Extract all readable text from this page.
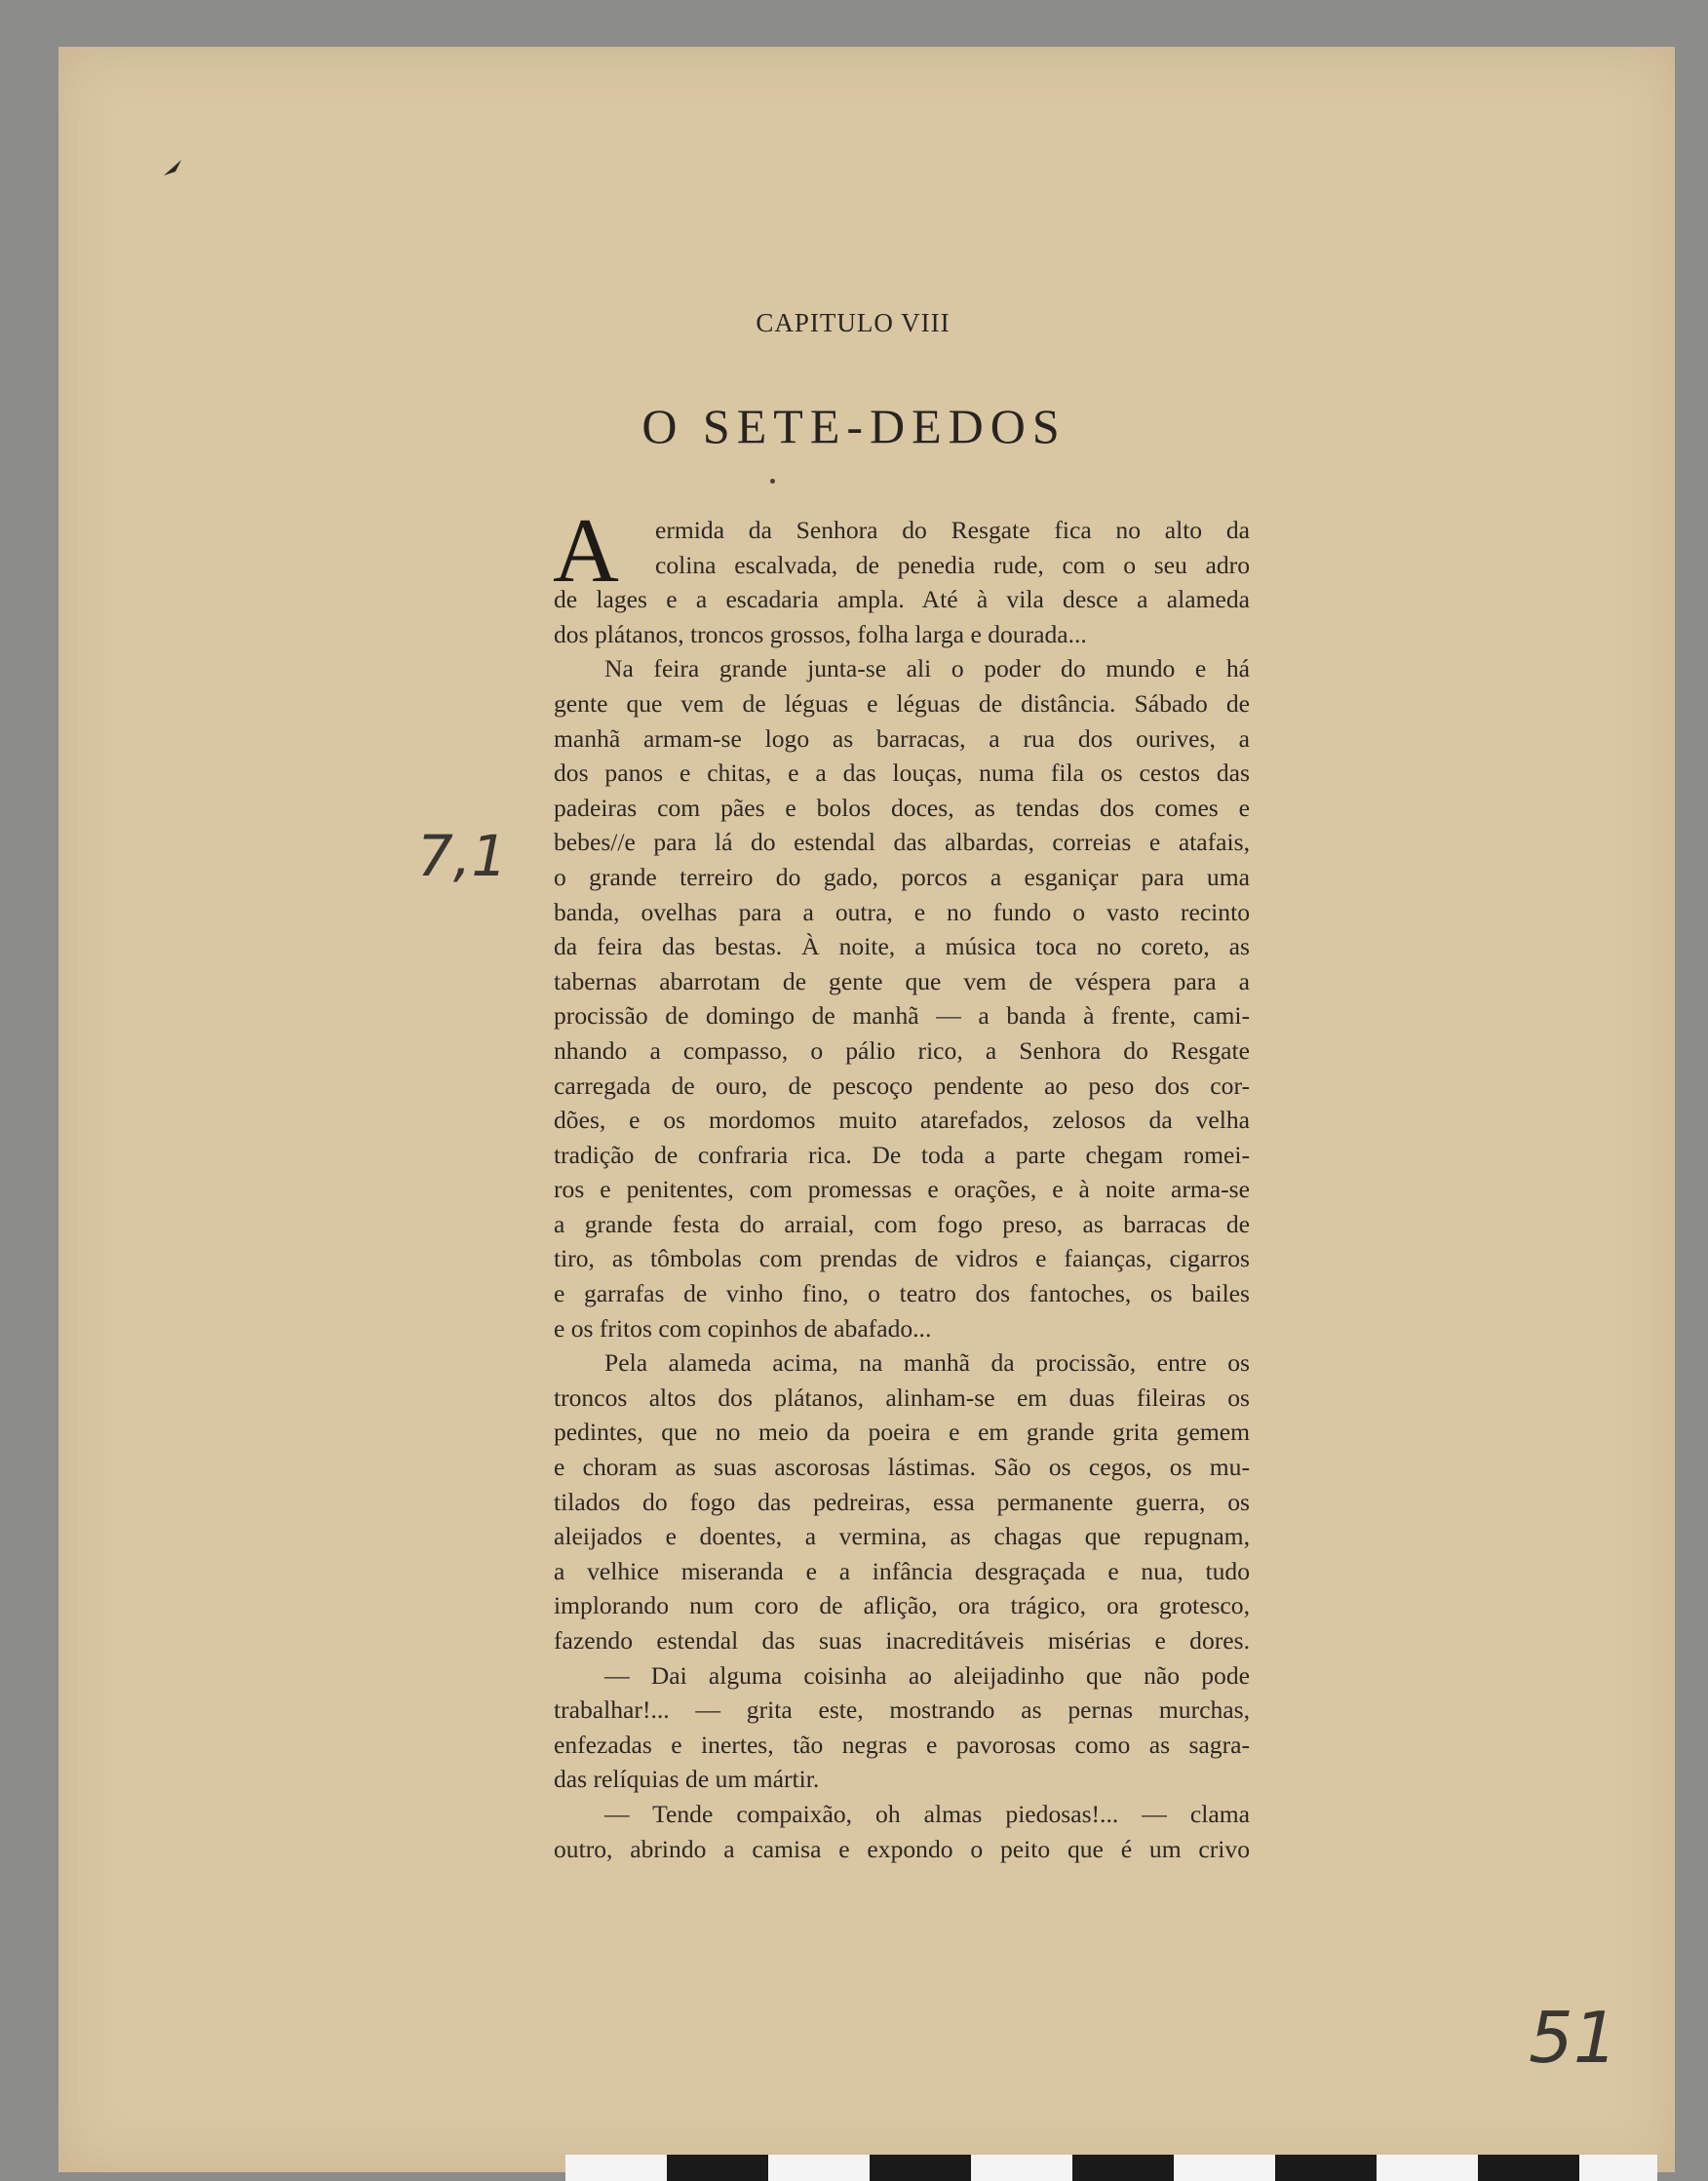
CAPITULO VIII
O SETE-DEDOS
A ermida da Senhora do Resgate fica no alto da
colina escalvada, de penedia rude, com o seu adro
de lages e a escadaria ampla. Até à vila desce a alameda
dos plátanos, troncos grossos, folha larga e dourada...
Na feira grande junta-se ali o poder do mundo e há
gente que vem de léguas e léguas de distância. Sábado de
manhã armam-se logo as barracas, a rua dos ourives, a
dos panos e chitas, e a das louças, numa fila os cestos das
padeiras com pães e bolos doces, as tendas dos comes e
bebes//e para lá do estendal das albardas, correias e atafais,
o grande terreiro do gado, porcos a esganiçar para uma
banda, ovelhas para a outra, e no fundo o vasto recinto
da feira das bestas. À noite, a música toca no coreto, as
tabernas abarrotam de gente que vem de véspera para a
procissão de domingo de manhã — a banda à frente, cami-
nhando a compasso, o pálio rico, a Senhora do Resgate
carregada de ouro, de pescoço pendente ao peso dos cor-
dões, e os mordomos muito atarefados, zelosos da velha
tradição de confraria rica. De toda a parte chegam romei-
ros e penitentes, com promessas e orações, e à noite arma-se
a grande festa do arraial, com fogo preso, as barracas de
tiro, as tômbolas com prendas de vidros e faianças, cigarros
e garrafas de vinho fino, o teatro dos fantoches, os bailes
e os fritos com copinhos de abafado...
Pela alameda acima, na manhã da procissão, entre os
troncos altos dos plátanos, alinham-se em duas fileiras os
pedintes, que no meio da poeira e em grande grita gemem
e choram as suas ascorosas lástimas. São os cegos, os mu-
tilados do fogo das pedreiras, essa permanente guerra, os
aleijados e doentes, a vermina, as chagas que repugnam,
a velhice miseranda e a infância desgraçada e nua, tudo
implorando num coro de aflição, ora trágico, ora grotesco,
fazendo estendal das suas inacreditáveis misérias e dores.
— Dai alguma coisinha ao aleijadinho que não pode
trabalhar!... — grita este, mostrando as pernas murchas,
enfezadas e inertes, tão negras e pavorosas como as sagra-
das relíquias de um mártir.
— Tende compaixão, oh almas piedosas!... — clama
outro, abrindo a camisa e expondo o peito que é um crivo
7,1
51
